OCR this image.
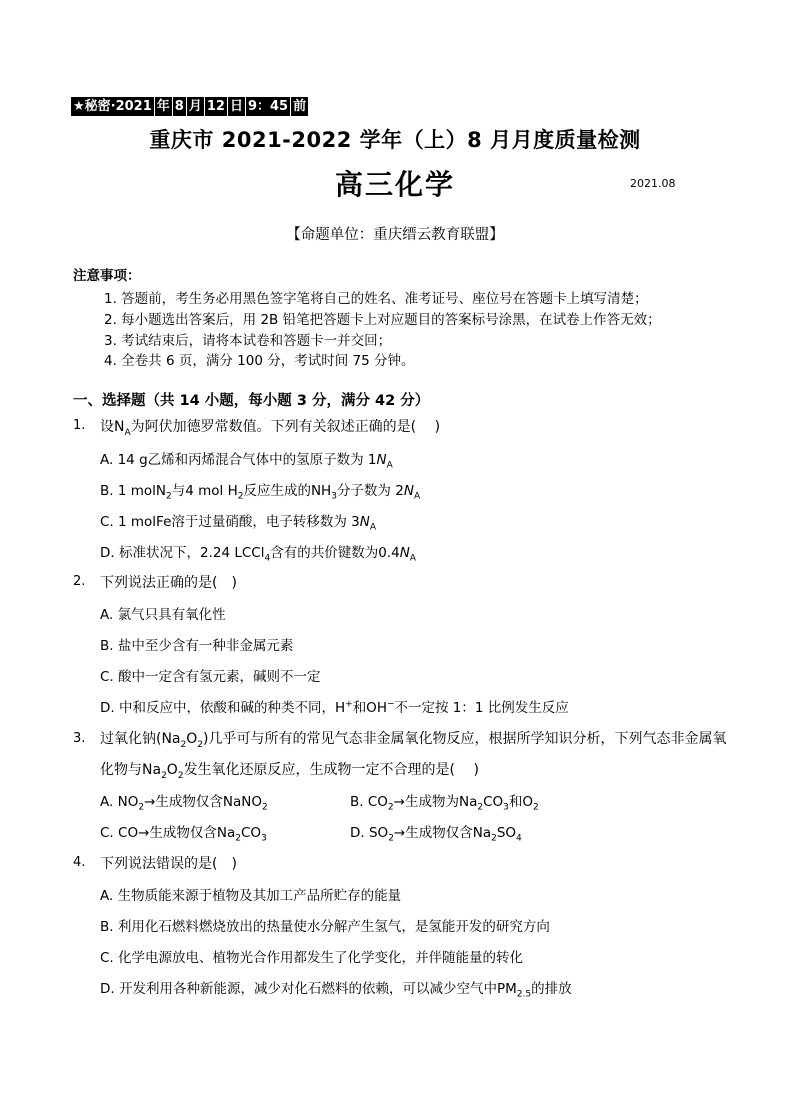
★秘密·2021 年 8 月 12 日 9：45 前
重庆市 2021-2022 学年（上）8 月月度质量检测
高三化学	2021.08
【命题单位：重庆缙云教育联盟】
注意事项：
1. 答题前，考生务必用黑色签字笔将自己的姓名、准考证号、座位号在答题卡上填写清楚；
2. 每小题选出答案后，用 2B 铅笔把答题卡上对应题目的答案标号涂黑，在试卷上作答无效；
3. 考试结束后，请将本试卷和答题卡一并交回；
4. 全卷共 6 页，满分 100 分，考试时间 75 分钟。
一、选择题（共 14 小题，每小题 3 分，满分 42 分）
1. 设$N_A$为阿伏加德罗常数值。下列有关叙述正确的是(　 )
A. 14 g乙烯和丙烯混合气体中的氢原子数为 $1N_A$
B. 1 molN$_2$与4 mol $H_2$反应生成的$NH_3$分子数为 $2N_A$
C. 1 molFe溶于过量硝酸，电子转移数为 $3N_A$
D. 标准状况下，2.24 LCCl$_4$含有的共价键数为$0.4N_A$
2. 下列说法正确的是(　)
A. 氯气只具有氧化性
B. 盐中至少含有一种非金属元素
C. 酸中一定含有氢元素，碱则不一定
D. 中和反应中，依酸和碱的种类不同，H+和OH−不一定按 1：1 比例发生反应
3. 过氧化钠$(Na_2O_2)$几乎可与所有的常见气态非金属氧化物反应，根据所学知识分析，下列气态非金属氧
化物与$Na_2O_2$发生氧化还原反应，生成物一定不合理的是(　 )
A. $NO_2\to$生成物仅含NaNO$_2$	B. $CO_2\to$生成物为$Na_2CO_3$和$O_2$
C. CO→生成物仅含$Na_2CO_3$	D. $SO_2\to$生成物仅含$Na_2SO_4$
4. 下列说法错误的是(　)
A. 生物质能来源于植物及其加工产品所贮存的能量
B. 利用化石燃料燃烧放出的热量使水分解产生氢气，是氢能开发的研究方向
C. 化学电源放电、植物光合作用都发生了化学变化，并伴随能量的转化
D. 开发利用各种新能源，减少对化石燃料的依赖，可以减少空气中$PM_{2.5}$的排放
